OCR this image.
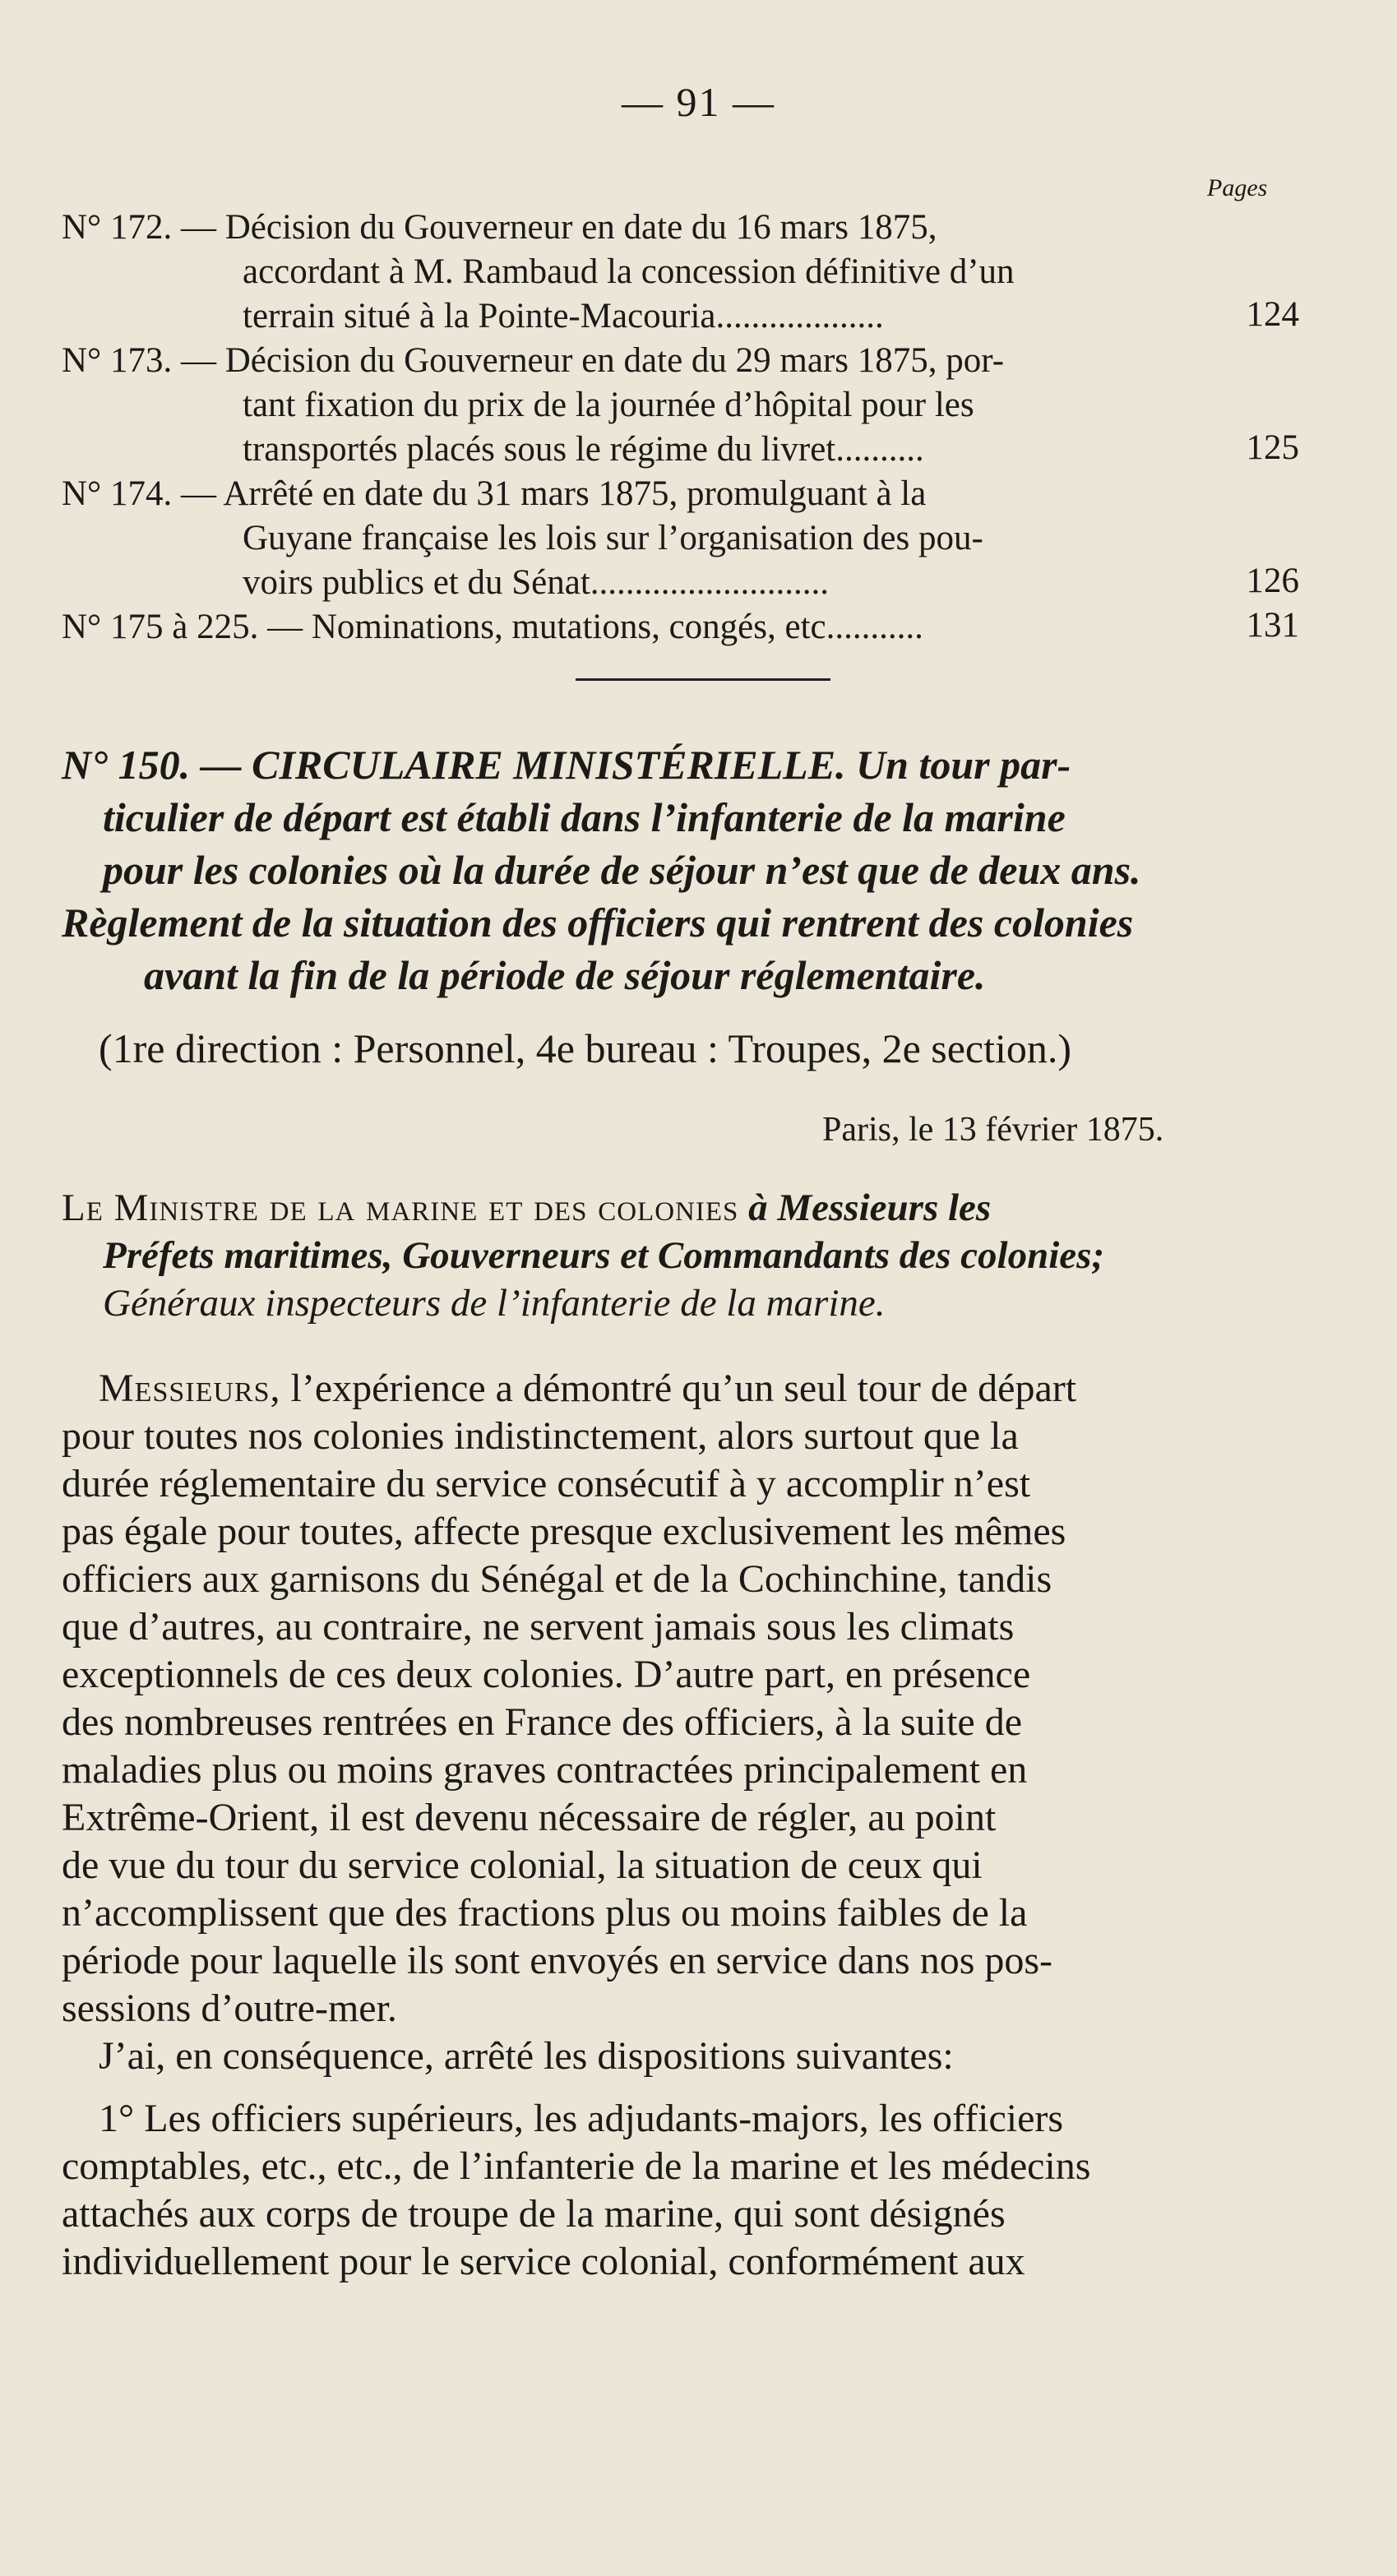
— 91 —
Pages
N° 172. — Décision du Gouverneur en date du 16 mars 1875,
accordant à M. Rambaud la concession définitive d’un
terrain situé à la Pointe-Macouria...................	124
N° 173. — Décision du Gouverneur en date du 29 mars 1875, por-
tant fixation du prix de la journée d’hôpital pour les
transportés placés sous le régime du livret..........	125
N° 174. — Arrêté en date du 31 mars 1875, promulguant à la
Guyane française les lois sur l’organisation des pou-
voirs publics et du Sénat...........................	126
N° 175 à 225. — Nominations, mutations, congés, etc...........	131
N° 150. — CIRCULAIRE MINISTÉRIELLE. Un tour par-
ticulier de départ est établi dans l’infanterie de la marine
pour les colonies où la durée de séjour n’est que de deux ans.
Règlement de la situation des officiers qui rentrent des colonies
avant la fin de la période de séjour réglementaire.
(1re direction : Personnel, 4e bureau : Troupes, 2e section.)
Paris, le 13 février 1875.
Le Ministre de la marine et des colonies à Messieurs les
Préfets maritimes, Gouverneurs et Commandants des colonies;
Généraux inspecteurs de l’infanterie de la marine.
Messieurs, l’expérience a démontré qu’un seul tour de départ
pour toutes nos colonies indistinctement, alors surtout que la
durée réglementaire du service consécutif à y accomplir n’est
pas égale pour toutes, affecte presque exclusivement les mêmes
officiers aux garnisons du Sénégal et de la Cochinchine, tandis
que d’autres, au contraire, ne servent jamais sous les climats
exceptionnels de ces deux colonies. D’autre part, en présence
des nombreuses rentrées en France des officiers, à la suite de
maladies plus ou moins graves contractées principalement en
Extrême-Orient, il est devenu nécessaire de régler, au point
de vue du tour du service colonial, la situation de ceux qui
n’accomplissent que des fractions plus ou moins faibles de la
période pour laquelle ils sont envoyés en service dans nos pos-
sessions d’outre-mer.
J’ai, en conséquence, arrêté les dispositions suivantes:
1° Les officiers supérieurs, les adjudants-majors, les officiers
comptables, etc., etc., de l’infanterie de la marine et les médecins
attachés aux corps de troupe de la marine, qui sont désignés
individuellement pour le service colonial, conformément aux
